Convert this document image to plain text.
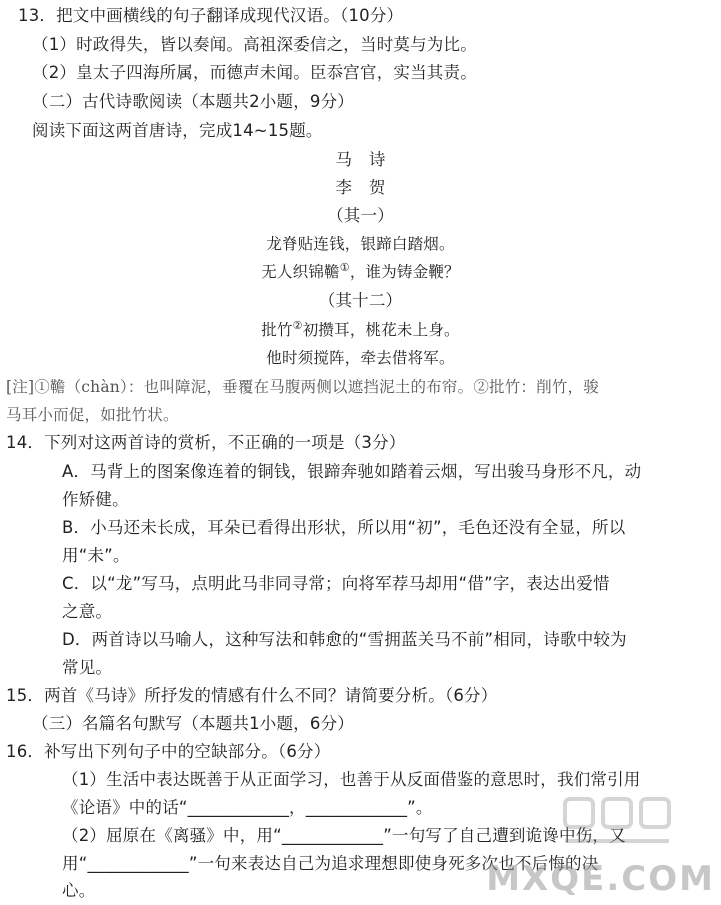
13．把文中画横线的句子翻译成现代汉语。（10分）
（1）时政得失，皆以奏闻。高祖深委信之，当时莫与为比。
（2）皇太子四海所属，而德声未闻。臣忝宫官，实当其责。
（二）古代诗歌阅读（本题共2小题，9分）
阅读下面这两首唐诗，完成14~15题。
马　诗
李　贺
（其一）
龙脊贴连钱，银蹄白踏烟。
无人织锦韂①，谁为铸金鞭？
（其十二）
批竹②初攒耳，桃花未上身。
他时须搅阵，牵去借将军。
[注]①韂（chàn）：也叫障泥，垂覆在马腹两侧以遮挡泥土的布帘。②批竹：削竹，骏
马耳小而促，如批竹状。
14．下列对这两首诗的赏析，不正确的一项是（3分）
A．马背上的图案像连着的铜钱，银蹄奔驰如踏着云烟，写出骏马身形不凡，动
作矫健。
B．小马还未长成，耳朵已看得出形状，所以用“初”，毛色还没有全显，所以
用“未”。
C．以“龙”写马，点明此马非同寻常；向将军荐马却用“借”字，表达出爱惜
之意。
D．两首诗以马喻人，这种写法和韩愈的“雪拥蓝关马不前”相同，诗歌中较为
常见。
15．两首《马诗》所抒发的情感有什么不同？请简要分析。（6分）
（三）名篇名句默写（本题共1小题，6分）
16．补写出下列句子中的空缺部分。（6分）
（1）生活中表达既善于从正面学习，也善于从反面借鉴的意思时，我们常引用
《论语》中的话“____________，____________”。
（2）屈原在《离骚》中，用“____________”一句写了自己遭到诡谗中伤，又
用“____________”一句来表达自己为追求理想即使身死多次也不后悔的决
心。	MXQE.COM
